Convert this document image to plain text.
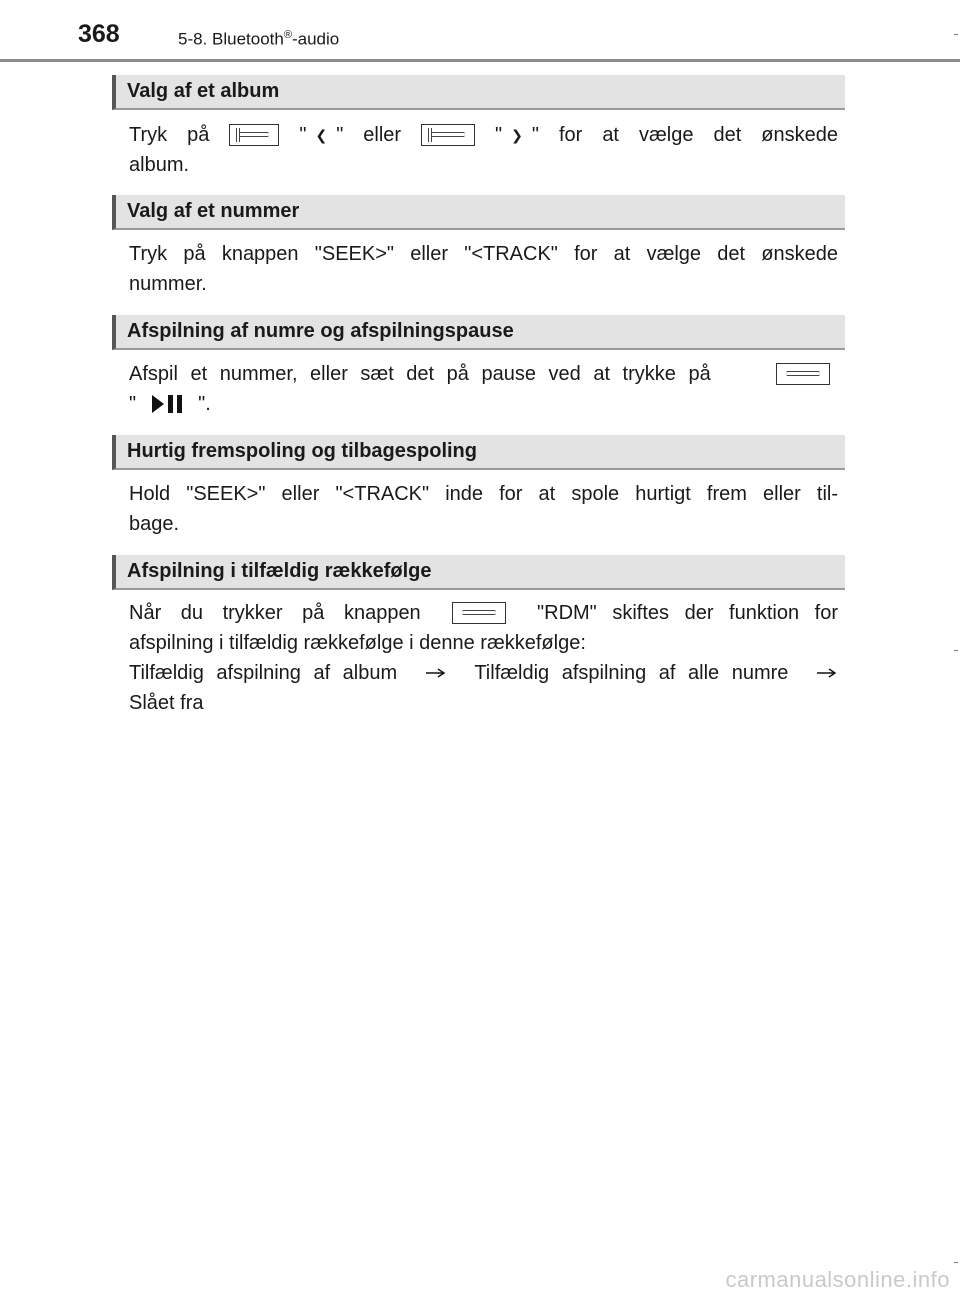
368	5-8. Bluetooth®-audio
Valg af et album
Tryk på	" ❮ " eller	" ❯ " for at vælge det ønskede
album.
Valg af et nummer
Tryk på knappen "SEEK>" eller "<TRACK" for at vælge det ønskede
nummer.
Afspilning af numre og afspilningspause
Afspil et nummer, eller sæt det på pause ved at trykke på
"	".
Hurtig fremspoling og tilbagespoling
Hold "SEEK>" eller "<TRACK" inde for at spole hurtigt frem eller til-
bage.
Afspilning i tilfældig rækkefølge
Når du trykker på knappen	"RDM" skiftes der funktion for
afspilning i tilfældig rækkefølge i denne rækkefølge:
Tilfældig afspilning af album	Tilfældig afspilning af alle numre
Slået fra
carmanualsonline.info
